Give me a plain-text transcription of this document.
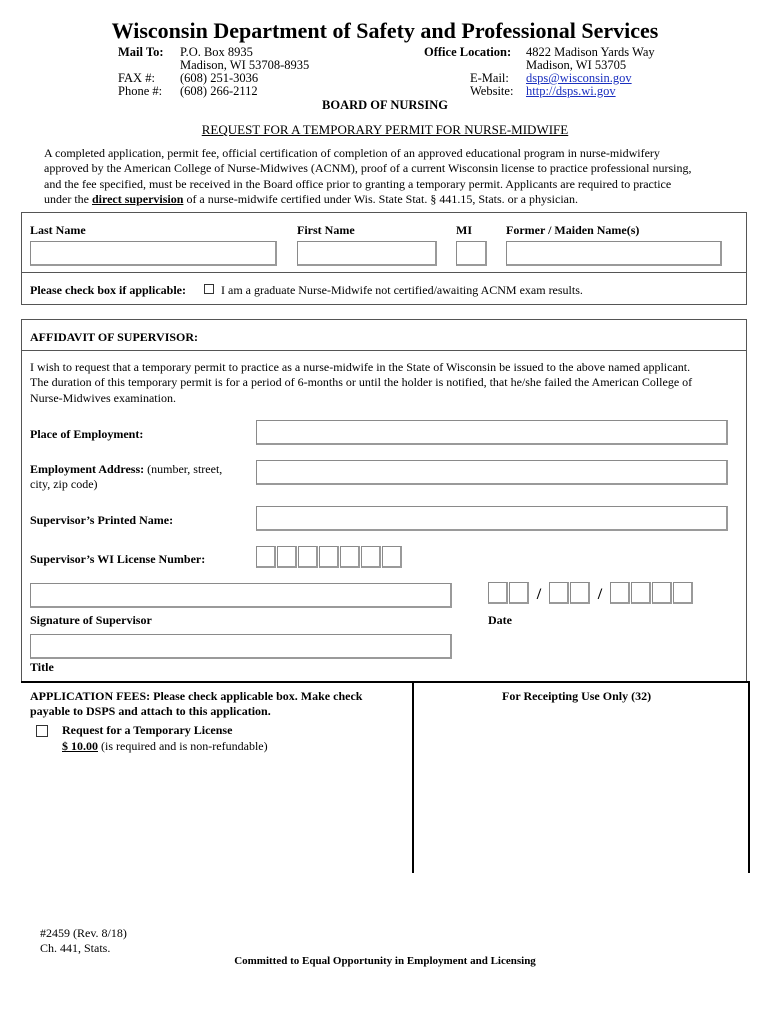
Wisconsin Department of Safety and Professional Services
Mail To: P.O. Box 8935
Madison, WI 53708-8935
FAX #: (608) 251-3036
Phone #: (608) 266-2112
Office Location: 4822 Madison Yards Way
Madison, WI 53705
E-Mail: dsps@wisconsin.gov
Website: http://dsps.wi.gov
BOARD OF NURSING
REQUEST FOR A TEMPORARY PERMIT FOR NURSE-MIDWIFE
A completed application, permit fee, official certification of completion of an approved educational program in nurse-midwifery
approved by the American College of Nurse-Midwives (ACNM), proof of a current Wisconsin license to practice professional nursing,
and the fee specified, must be received in the Board office prior to granting a temporary permit. Applicants are required to practice
under the direct supervision of a nurse-midwife certified under Wis. State Stat. § 441.15, Stats. or a physician.
Last Name	First Name	MI	Former / Maiden Name(s)
Please check box if applicable:	I am a graduate Nurse-Midwife not certified/awaiting ACNM exam results.
AFFIDAVIT OF SUPERVISOR:
I wish to request that a temporary permit to practice as a nurse-midwife in the State of Wisconsin be issued to the above named applicant.
The duration of this temporary permit is for a period of 6-months or until the holder is notified, that he/she failed the American College of
Nurse-Midwives examination.
Place of Employment:
Employment Address: (number, street,
city, zip code)
Supervisor’s Printed Name:
Supervisor’s WI License Number:
Signature of Supervisor
/	/
Date
Title
APPLICATION FEES: Please check applicable box. Make check
payable to DSPS and attach to this application.
Request for a Temporary License
$ 10.00 (is required and is non-refundable)
For Receipting Use Only (32)
#2459 (Rev. 8/18)
Ch. 441, Stats.
Committed to Equal Opportunity in Employment and Licensing
